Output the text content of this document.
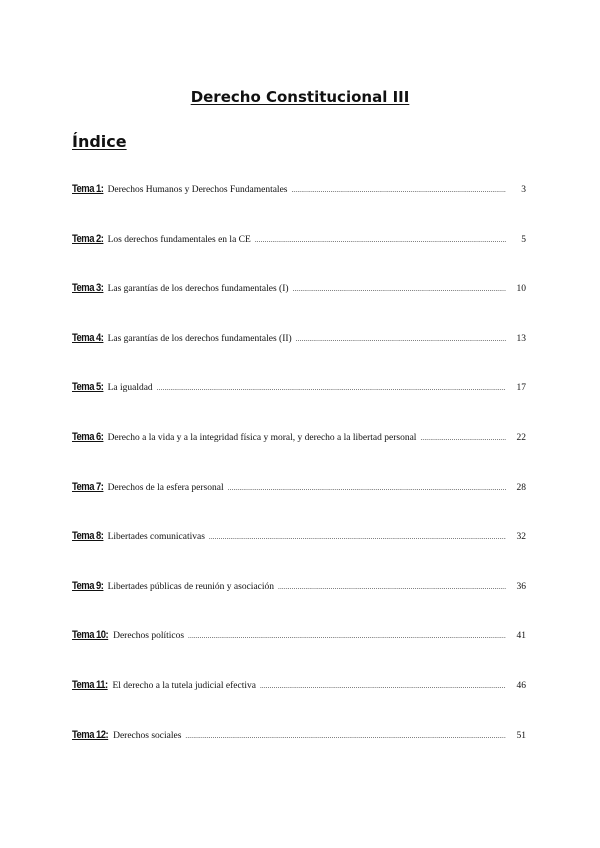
Derecho Constitucional III
Índice
Tema 1: Derechos Humanos y Derechos Fundamentales .....	3
Tema 2: Los derechos fundamentales en la CE .....	5
Tema 3: Las garantías de los derechos fundamentales (I) .....	10
Tema 4: Las garantías de los derechos fundamentales (II) .....	13
Tema 5: La igualdad .....	17
Tema 6: Derecho a la vida y a la integridad física y moral, y derecho a la libertad personal .....	22
Tema 7: Derechos de la esfera personal .....	28
Tema 8: Libertades comunicativas .....	32
Tema 9: Libertades públicas de reunión y asociación .....	36
Tema 10: Derechos políticos .....	41
Tema 11: El derecho a la tutela judicial efectiva .....	46
Tema 12: Derechos sociales .....	51
